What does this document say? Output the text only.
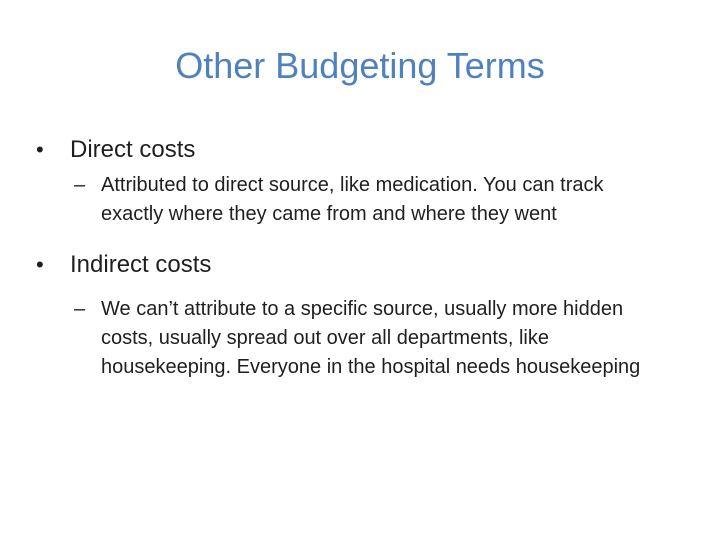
Other Budgeting Terms
•	Direct costs
– Attributed to direct source, like medication. You can track exactly where they came from and where they went
•	Indirect costs
– We can’t attribute to a specific source, usually more hidden costs, usually spread out over all departments, like housekeeping. Everyone in the hospital needs housekeeping
